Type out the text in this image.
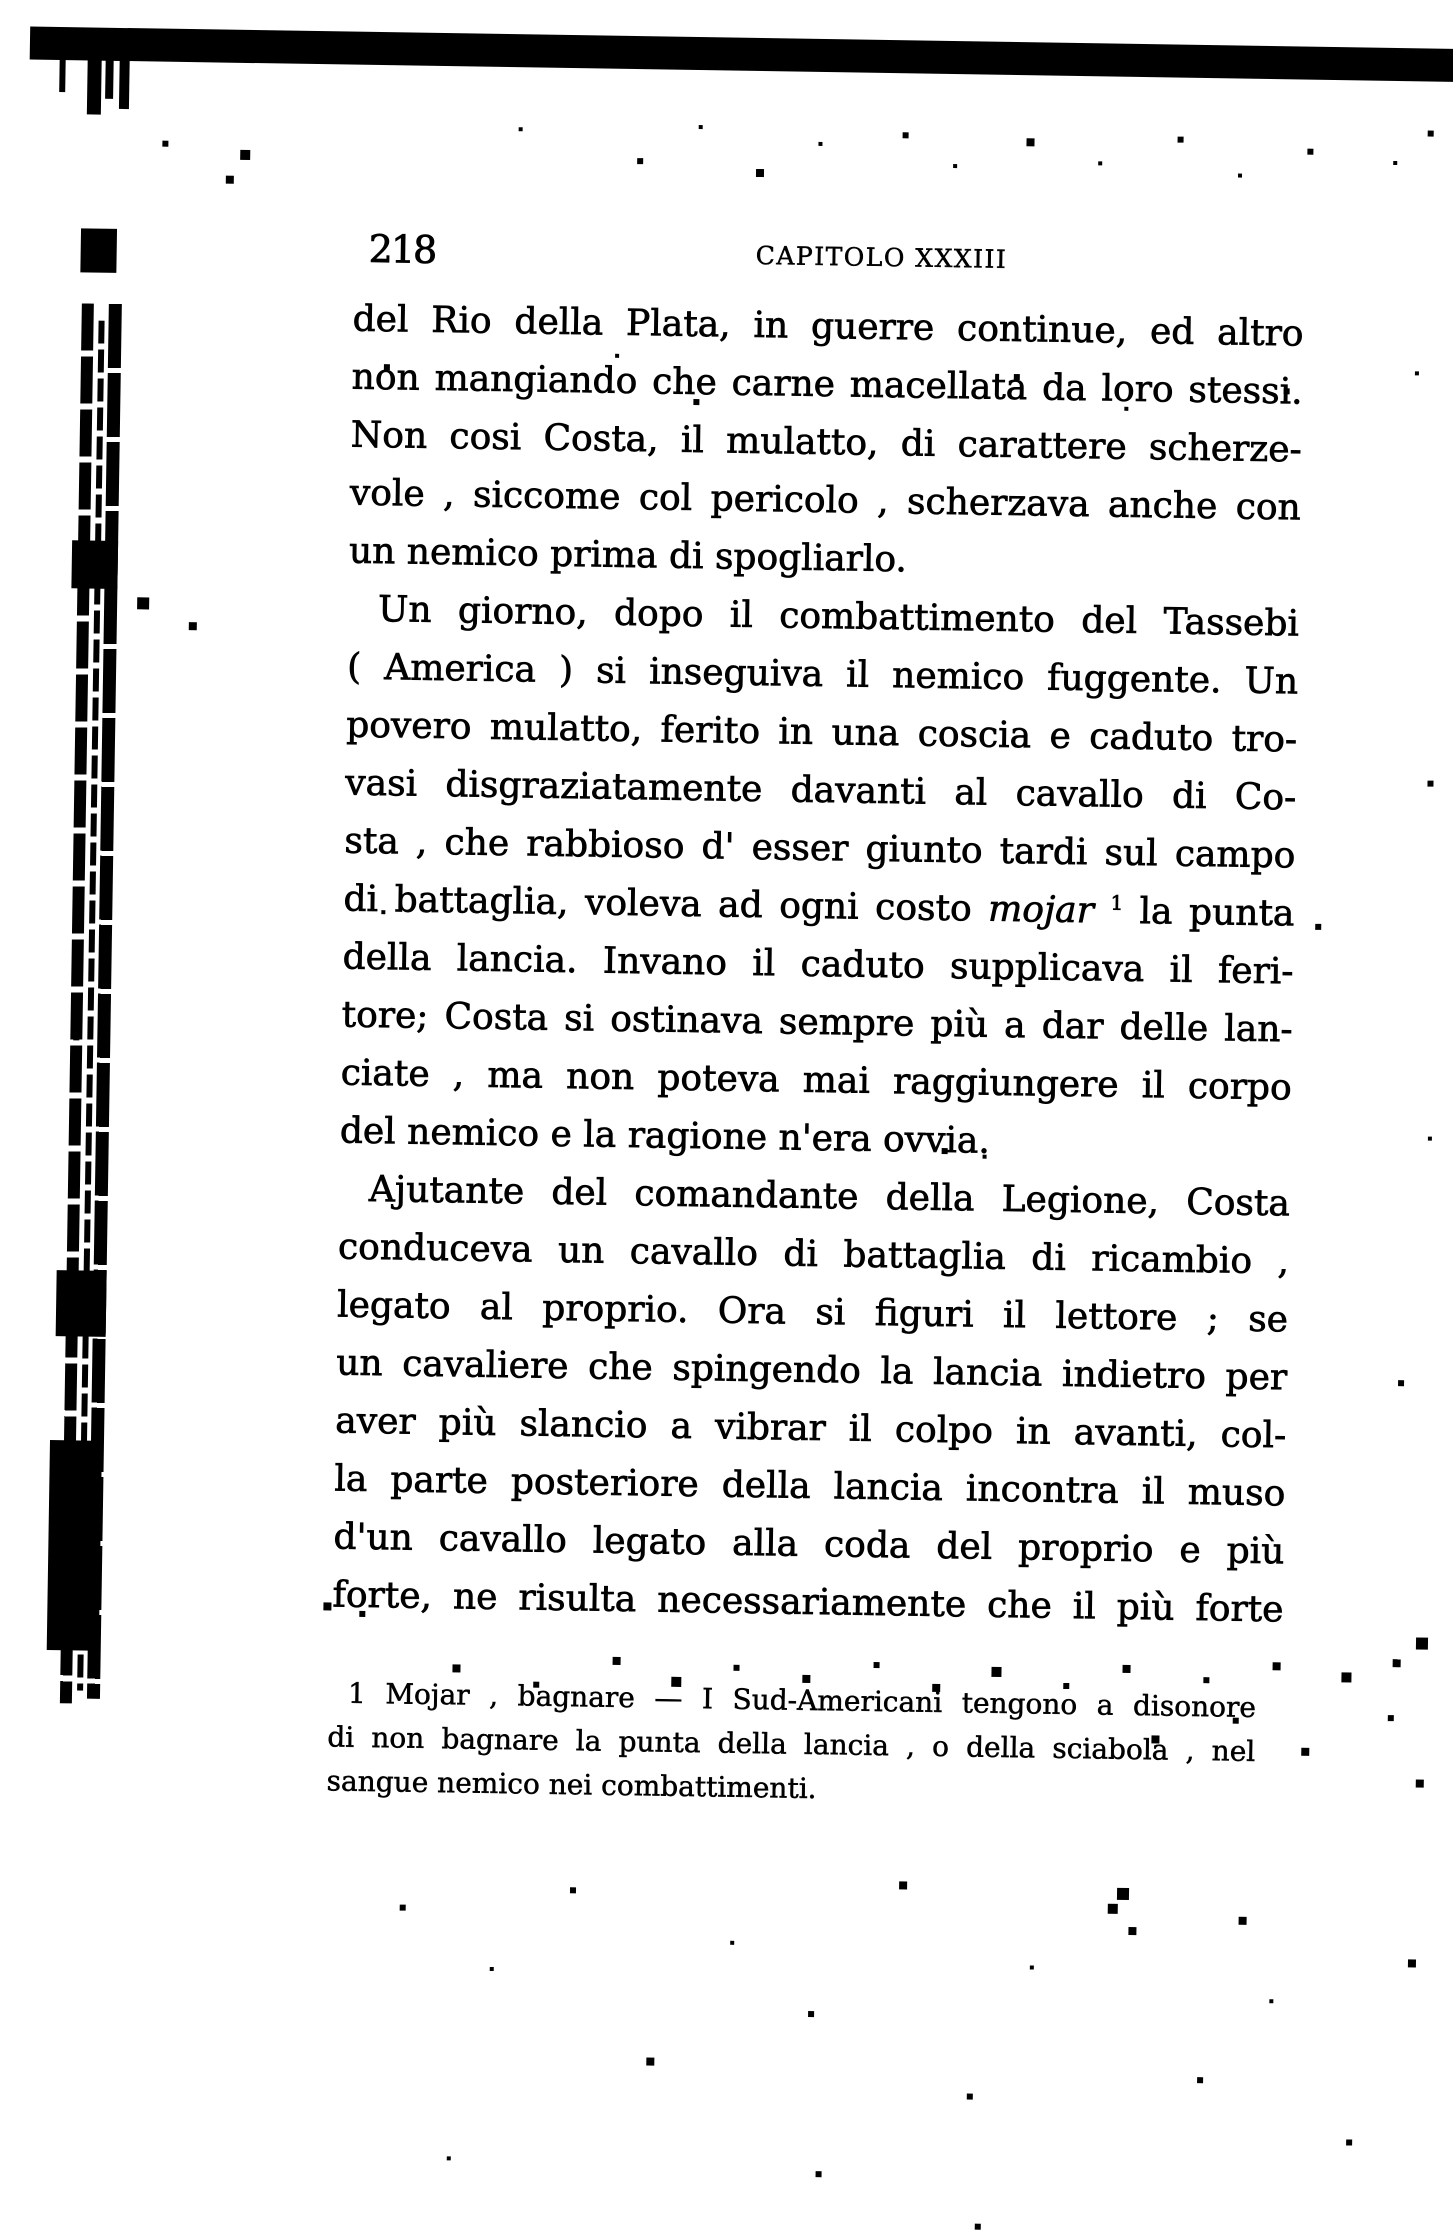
218	CAPITOLO XXXIII
del Rio della Plata, in guerre continue, ed altro
non mangiando che carne macellata da loro stessi.
Non cosi Costa, il mulatto, di carattere scherze-
vole , siccome col pericolo , scherzava anche con
un nemico prima di spogliarlo.
Un giorno, dopo il combattimento del Tassebi
( America ) si inseguiva il nemico fuggente. Un
povero mulatto, ferito in una coscia e caduto tro-
vasi disgraziatamente davanti al cavallo di Co-
sta , che rabbioso d' esser giunto tardi sul campo
di battaglia, voleva ad ogni costo mojar $^1$ la punta
della lancia. Invano il caduto supplicava il feri-
tore; Costa si ostinava sempre più a dar delle lan-
ciate , ma non poteva mai raggiungere il corpo
del nemico e la ragione n'era ovvia.
Ajutante del comandante della Legione, Costa
conduceva un cavallo di battaglia di ricambio ,
legato al proprio. Ora si figuri il lettore ; se
un cavaliere che spingendo la lancia indietro per
aver più slancio a vibrar il colpo in avanti, col-
la parte posteriore della lancia incontra il muso
d'un cavallo legato alla coda del proprio e più
forte, ne risulta necessariamente che il più forte
1 Mojar , bagnare — I Sud-Americani tengono a disonore
di non bagnare la punta della lancia , o della sciabola , nel
sangue nemico nei combattimenti.
